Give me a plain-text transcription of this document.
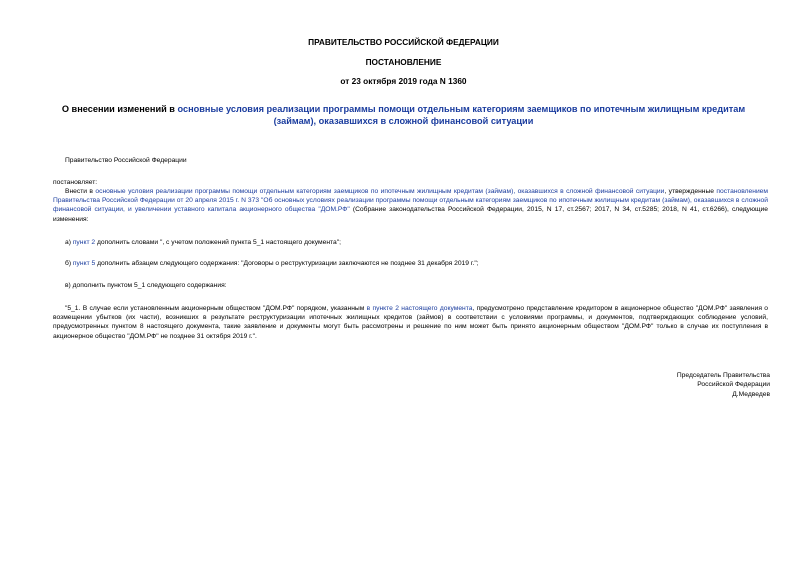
ПРАВИТЕЛЬСТВО РОССИЙСКОЙ ФЕДЕРАЦИИ
ПОСТАНОВЛЕНИЕ
от 23 октября 2019 года N 1360
О внесении изменений в основные условия реализации программы помощи отдельным категориям заемщиков по ипотечным жилищным кредитам (займам), оказавшихся в сложной финансовой ситуации
Правительство Российской Федерации
постановляет:
Внести в основные условия реализации программы помощи отдельным категориям заемщиков по ипотечным жилищным кредитам (займам), оказавшихся в сложной финансовой ситуации, утвержденные постановлением Правительства Российской Федерации от 20 апреля 2015 г. N 373 "Об основных условиях реализации программы помощи отдельным категориям заемщиков по ипотечным жилищным кредитам (займам), оказавшихся в сложной финансовой ситуации, и увеличении уставного капитала акционерного общества "ДОМ.РФ" (Собрание законодательства Российской Федерации, 2015, N 17, ст.2567; 2017, N 34, ст.5285; 2018, N 41, ст.6266), следующие изменения:
а) пункт 2 дополнить словами ", с учетом положений пункта 5_1 настоящего документа";
б) пункт 5 дополнить абзацем следующего содержания: "Договоры о реструктуризации заключаются не позднее 31 декабря 2019 г.";
в) дополнить пунктом 5_1 следующего содержания:
"5_1. В случае если установленным акционерным обществом "ДОМ.РФ" порядком, указанным в пункте 2 настоящего документа, предусмотрено представление кредитором в акционерное общество "ДОМ.РФ" заявления о возмещении убытков (их части), возникших в результате реструктуризации ипотечных жилищных кредитов (займов) в соответствии с условиями программы, и документов, подтверждающих соблюдение условий, предусмотренных пунктом 8 настоящего документа, такие заявление и документы могут быть рассмотрены и решение по ним может быть принято акционерным обществом "ДОМ.РФ" только в случае их поступления в акционерное общество "ДОМ.РФ" не позднее 31 октября 2019 г.".
Председатель Правительства
Российской Федерации
Д.Медведев
